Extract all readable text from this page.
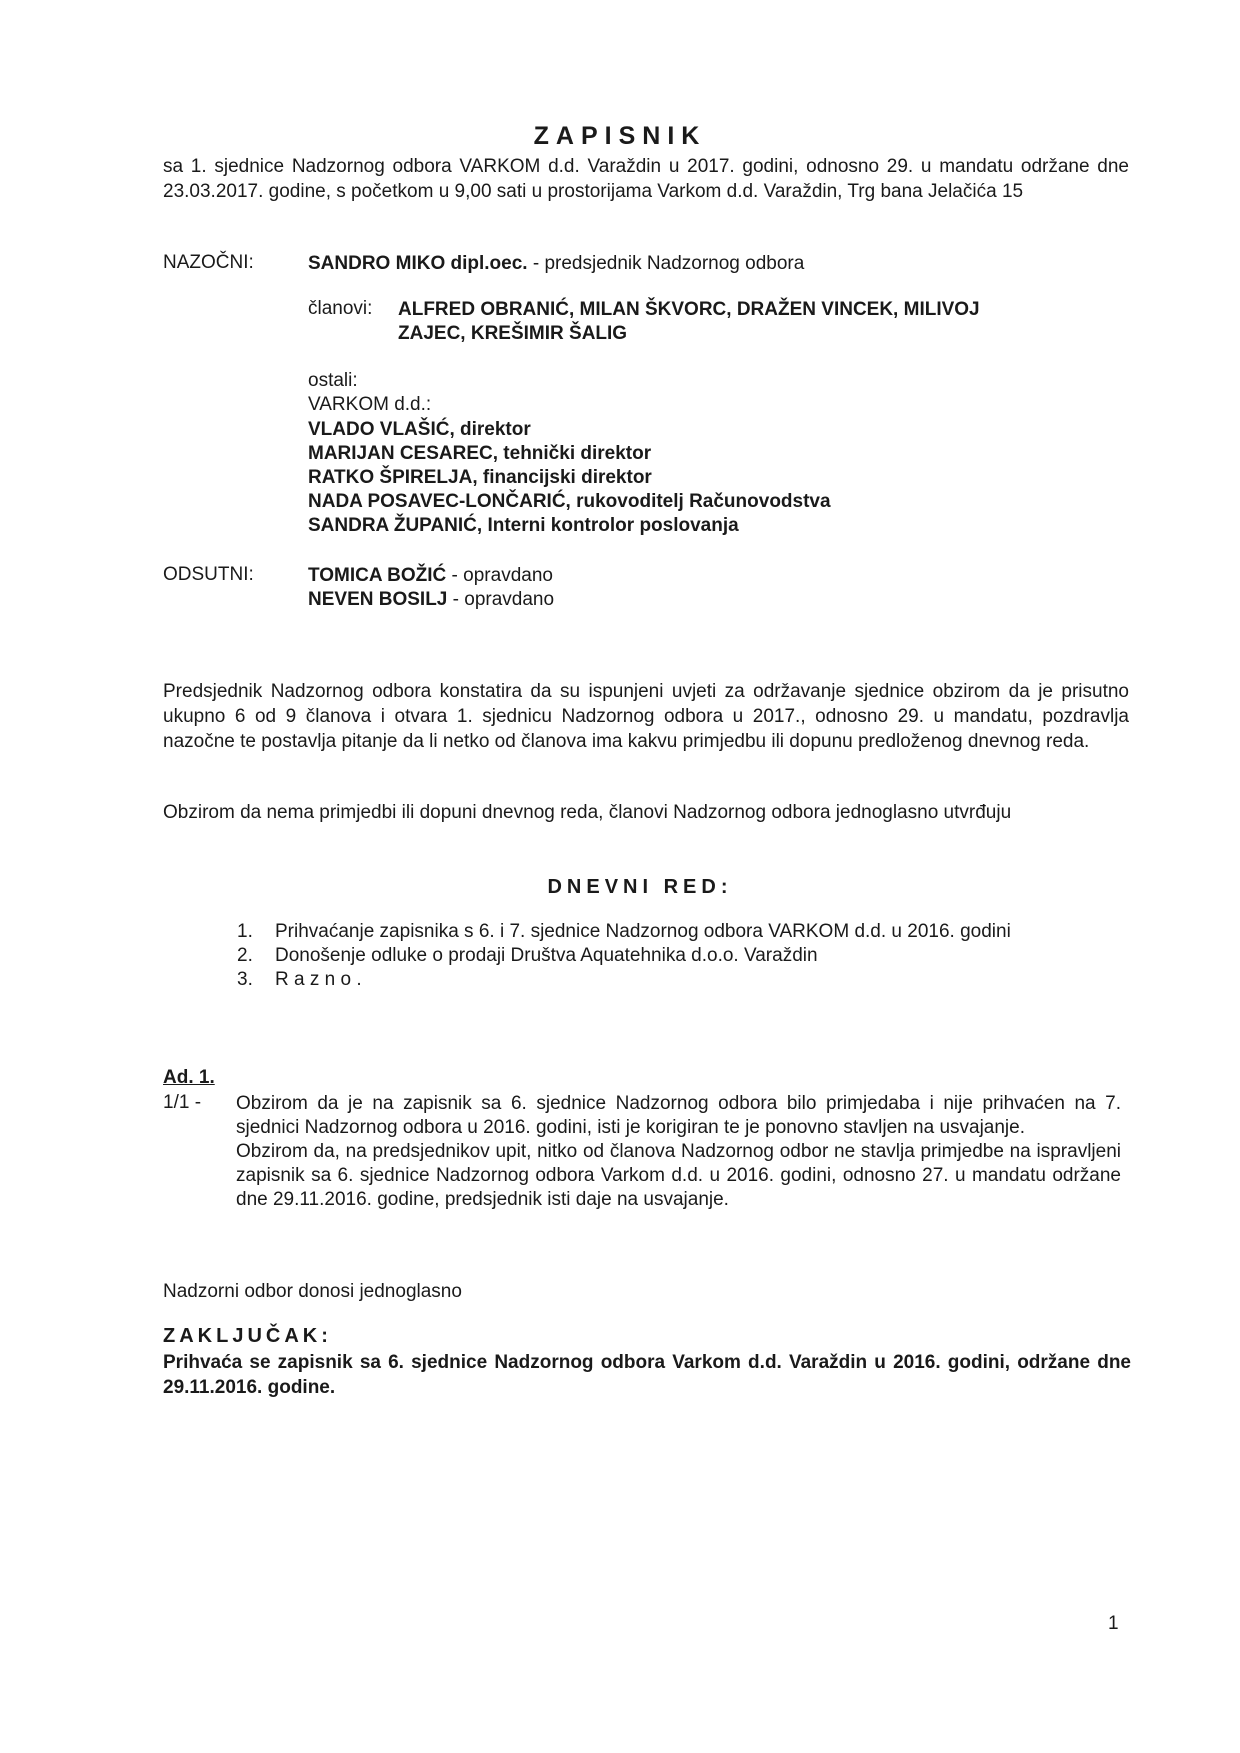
ZAPISNIK
sa 1. sjednice Nadzornog odbora VARKOM d.d. Varaždin u 2017. godini, odnosno 29. u mandatu održane dne 23.03.2017. godine, s početkom u 9,00 sati u prostorijama Varkom d.d. Varaždin, Trg bana Jelačića 15
NAZOČNI:	SANDRO MIKO dipl.oec. - predsjednik Nadzornog odbora
članovi: ALFRED OBRANIĆ, MILAN ŠKVORC, DRAŽEN VINCEK, MILIVOJ
ZAJEC, KREŠIMIR ŠALIG
ostali:
VARKOM d.d.:
VLADO VLAŠIĆ, direktor
MARIJAN CESAREC, tehnički direktor
RATKO ŠPIRELJA, financijski direktor
NADA POSAVEC-LONČARIĆ, rukovoditelj Računovodstva
SANDRA ŽUPANIĆ, Interni kontrolor poslovanja
ODSUTNI:	TOMICA BOŽIĆ - opravdano
NEVEN BOSILJ - opravdano
Predsjednik Nadzornog odbora konstatira da su ispunjeni uvjeti za održavanje sjednice obzirom da je prisutno ukupno 6 od 9 članova i otvara 1. sjednicu Nadzornog odbora u 2017., odnosno 29. u mandatu, pozdravlja nazočne te postavlja pitanje da li netko od članova ima kakvu primjedbu ili dopunu predloženog dnevnog reda.
Obzirom da nema primjedbi ili dopuni dnevnog reda, članovi Nadzornog odbora jednoglasno utvrđuju
DNEVNI RED:
1. Prihvaćanje zapisnika s 6. i 7. sjednice Nadzornog odbora VARKOM d.d. u 2016. godini
2. Donošenje odluke o prodaji Društva Aquatehnika d.o.o. Varaždin
3. R a z n o .
Ad. 1.
1/1 - Obzirom da je na zapisnik sa 6. sjednice Nadzornog odbora bilo primjedaba i nije prihvaćen na 7. sjednici Nadzornog odbora u 2016. godini, isti je korigiran te je ponovno stavljen na usvajanje.
Obzirom da, na predsjednikov upit, nitko od članova Nadzornog odbor ne stavlja primjedbe na ispravljeni zapisnik sa 6. sjednice Nadzornog odbora Varkom d.d. u 2016. godini, odnosno 27. u mandatu održane dne 29.11.2016. godine, predsjednik isti daje na usvajanje.
Nadzorni odbor donosi jednoglasno
ZAKLJUČAK:
Prihvaća se zapisnik sa 6. sjednice Nadzornog odbora Varkom d.d. Varaždin u 2016. godini, održane dne 29.11.2016. godine.
1
